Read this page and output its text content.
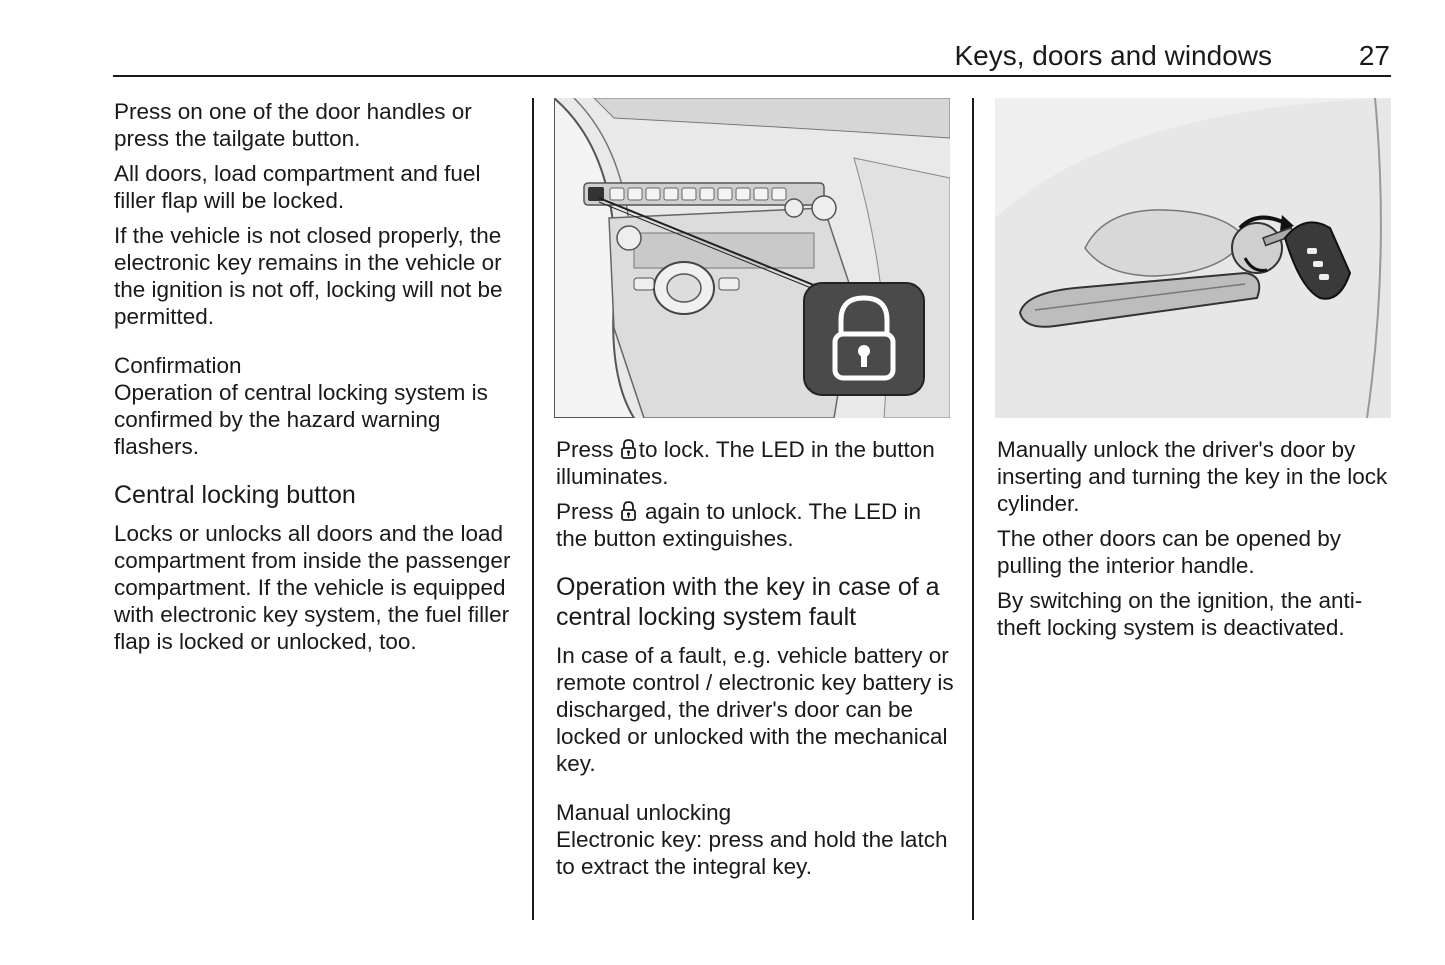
Keys, doors and windows	27

Press on one of the door handles or press the tailgate button.

All doors, load compartment and fuel filler flap will be locked.

If the vehicle is not closed properly, the electronic key remains in the vehicle or the ignition is not off, locking will not be permitted.

Confirmation

Operation of central locking system is confirmed by the hazard warning flashers.

Central locking button

Locks or unlocks all doors and the load compartment from inside the passenger compartment. If the vehicle is equipped with electronic key system, the fuel filler flap is locked or unlocked, too.

Press to lock. The LED in the button illuminates.

Press again to unlock. The LED in the button extinguishes.

Operation with the key in case of a central locking system fault

In case of a fault, e.g. vehicle battery or remote control / electronic key battery is discharged, the driver's door can be locked or unlocked with the mechanical key.

Manual unlocking

Electronic key: press and hold the latch to extract the integral key.

Manually unlock the driver's door by inserting and turning the key in the lock cylinder.

The other doors can be opened by pulling the interior handle.

By switching on the ignition, the anti-theft locking system is deactivated.
